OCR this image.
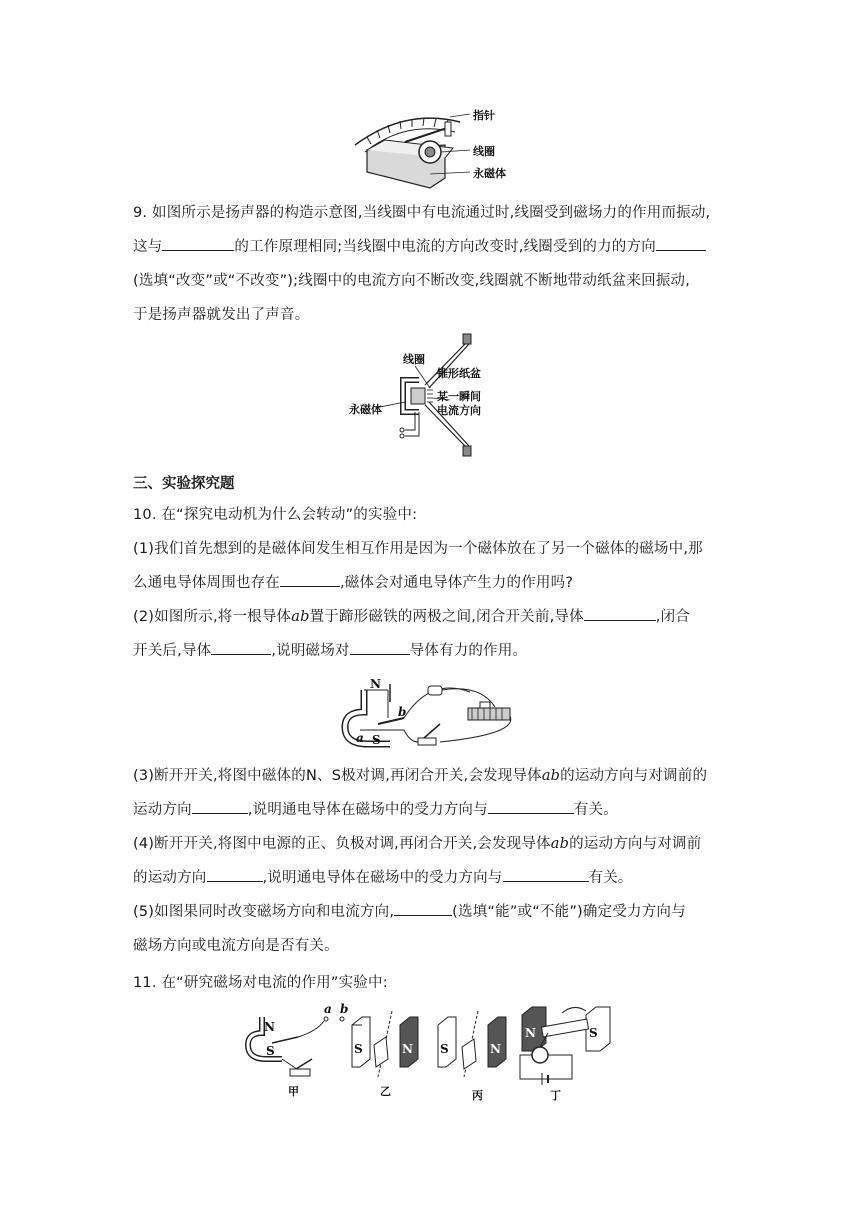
指针
线圈
永磁体
9. 如图所示是扬声器的构造示意图,当线圈中有电流通过时,线圈受到磁场力的作用而振动,
这与	的工作原理相同;当线圈中电流的方向改变时,线圈受到的力的方向
(选填“改变”或“不改变”);线圈中的电流方向不断改变,线圈就不断地带动纸盆来回振动,
于是扬声器就发出了声音。
线圈
锥形纸盆
永磁体
某一瞬间
电流方向
三、实验探究题
10. 在“探究电动机为什么会转动”的实验中:
(1)我们首先想到的是磁体间发生相互作用是因为一个磁体放在了另一个磁体的磁场中,那
么通电导体周围也存在	,磁体会对通电导体产生力的作用吗?
(2)如图所示,将一根导体ab置于蹄形磁铁的两极之间,闭合开关前,导体	,闭合
开关后,导体	,说明磁场对	导体有力的作用。
N
S
a
b
(3)断开开关,将图中磁体的N、S极对调,再闭合开关,会发现导体ab的运动方向与对调前的
运动方向	,说明通电导体在磁场中的受力方向与	有关。
(4)断开开关,将图中电源的正、负极对调,再闭合开关,会发现导体ab的运动方向与对调前
的运动方向	,说明通电导体在磁场中的受力方向与	有关。
(5)如图果同时改变磁场方向和电流方向,	(选填“能”或“不能”)确定受力方向与
磁场方向或电流方向是否有关。
11. 在“研究磁场对电流的作用”实验中:
N
S
a b
S	N S	N
N	S
甲	乙	丙	丁
